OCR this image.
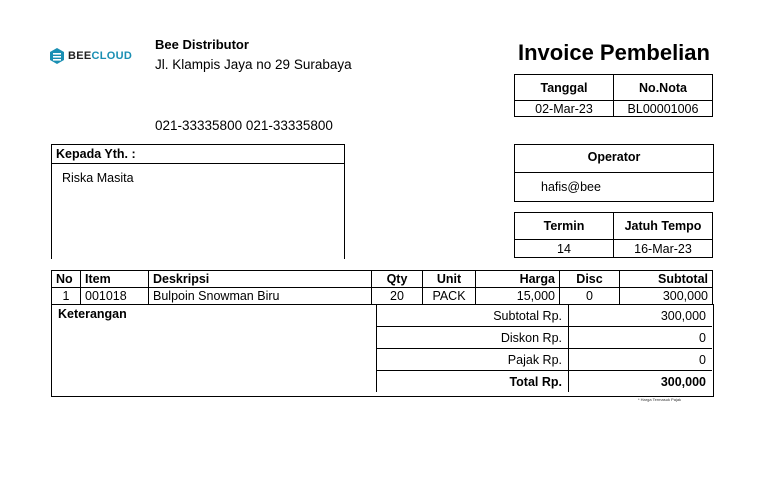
BEECLOUD
Bee Distributor
Jl. Klampis Jaya no 29 Surabaya
021-33335800 021-33335800
Invoice Pembelian
Tanggal	No.Nota
02-Mar-23	BL00001006
Kepada Yth. :
Riska Masita
Operator
hafis@bee
Termin	Jatuh Tempo
14	16-Mar-23
No	Item	Deskripsi	Qty	Unit	Harga	Disc	Subtotal
1	001018	Bulpoin Snowman Biru	20	PACK	15,000	0	300,000
Keterangan	Subtotal Rp.	300,000
Diskon Rp.	0
Pajak Rp.	0
Total Rp.	300,000
* Harga Termasuk Pajak
